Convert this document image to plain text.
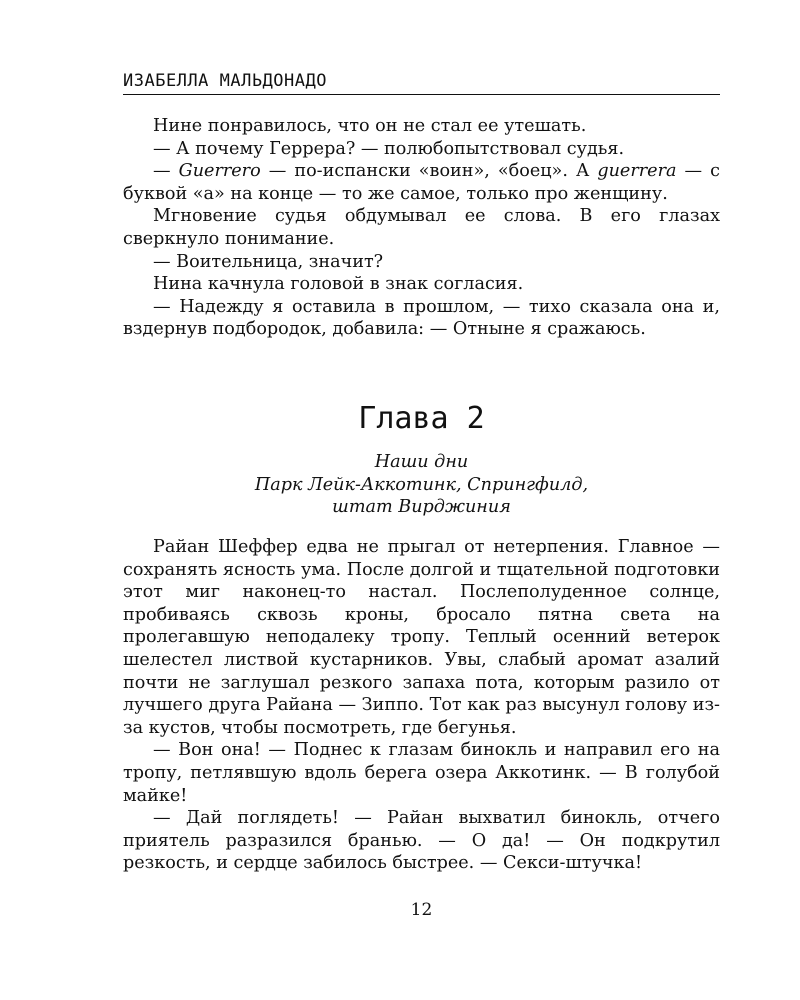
ИЗАБЕЛЛА МАЛЬДОНАДО

Нине понравилось, что он не стал ее утешать.

— А почему Геррера? — полюбопытствовал судья.

— Guerrero — по-испански «воин», «боец». А guerrera — с буквой «а» на конце — то же самое, только про женщину.

Мгновение судья обдумывал ее слова. В его глазах сверкнуло понимание.

— Воительница, значит?

Нина качнула головой в знак согласия.

— Надежду я оставила в прошлом, — тихо сказала она и, вздернув подбородок, добавила: — Отныне я сражаюсь.

Глава 2
Наши дни
Парк Лейк-Аккотинк, Спрингфилд,
штат Вирджиния

Райан Шеффер едва не прыгал от нетерпения. Главное — сохранять ясность ума. После долгой и тщательной подготовки этот миг наконец-то настал. Послеполуденное солнце, пробиваясь сквозь кроны, бросало пятна света на пролегавшую неподалеку тропу. Теплый осенний ветерок шелестел листвой кустарников. Увы, слабый аромат азалий почти не заглушал резкого запаха пота, которым разило от лучшего друга Райана — Зиппо. Тот как раз высунул голову из-за кустов, чтобы посмотреть, где бегунья.

— Вон она! — Поднес к глазам бинокль и направил его на тропу, петлявшую вдоль берега озера Аккотинк. — В голубой майке!

— Дай поглядеть! — Райан выхватил бинокль, отчего приятель разразился бранью. — О да! — Он подкрутил резкость, и сердце забилось быстрее. — Секси-штучка!

12
